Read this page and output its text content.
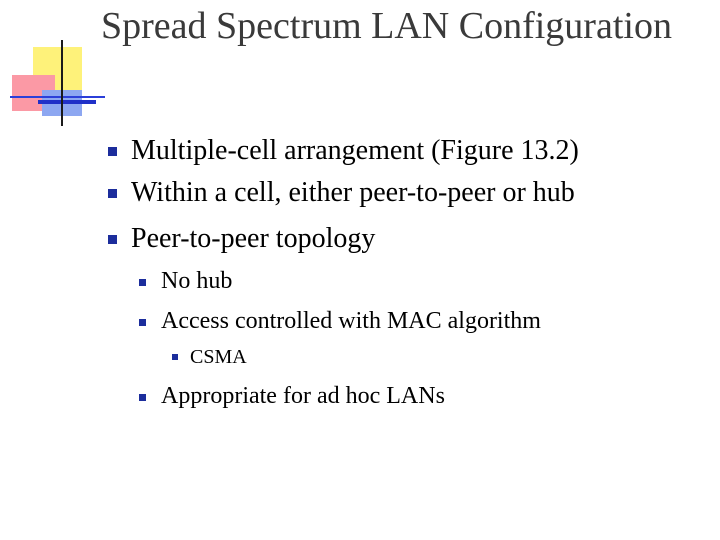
Spread Spectrum LAN Configuration
Multiple-cell arrangement (Figure 13.2)
Within a cell, either peer-to-peer or hub
Peer-to-peer topology
No hub
Access controlled with MAC algorithm
CSMA
Appropriate for ad hoc LANs
